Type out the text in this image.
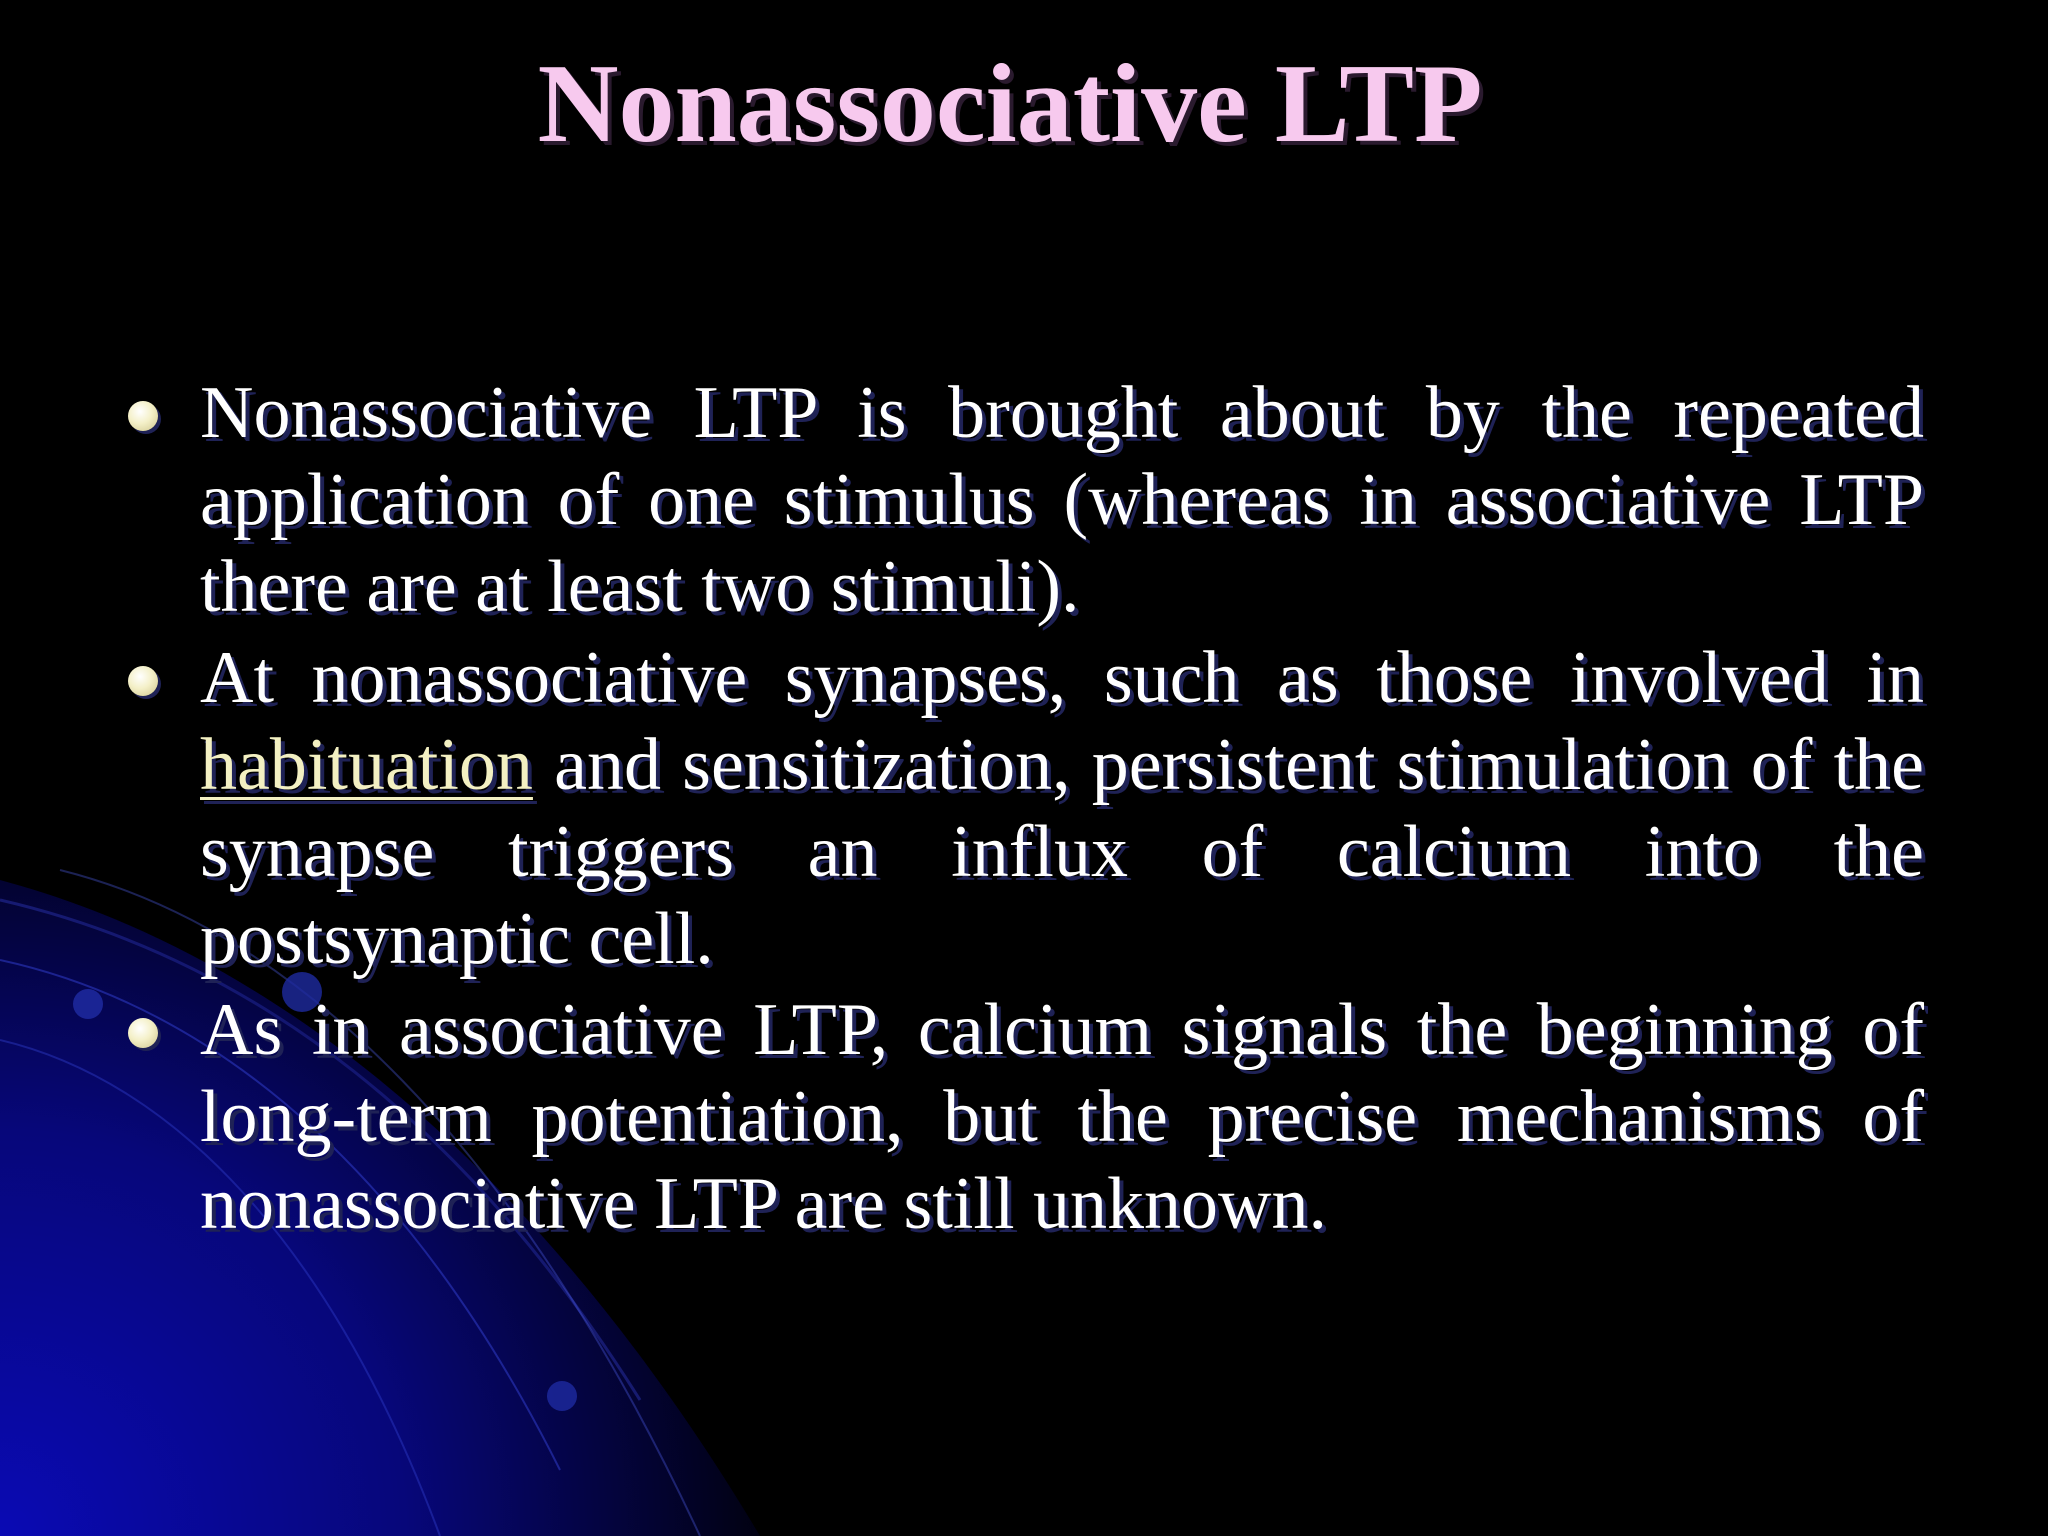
Nonassociative LTP
Nonassociative LTP is brought about by the repeated application of one stimulus (whereas in associative LTP there are at least two stimuli).
At nonassociative synapses, such as those involved in habituation and sensitization, persistent stimulation of the synapse triggers an influx of calcium into the postsynaptic cell.
As in associative LTP, calcium signals the beginning of long-term potentiation, but the precise mechanisms of nonassociative LTP are still unknown.
